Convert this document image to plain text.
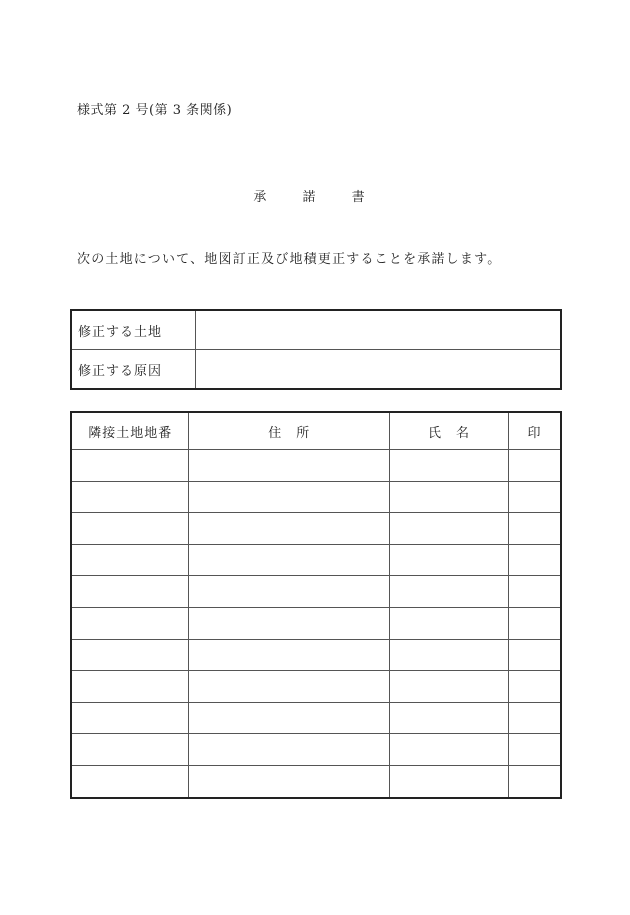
様式第 2 号(第 3 条関係)
承 諾 書
次の土地について、地図訂正及び地積更正することを承諾します。
修正する土地	
修正する原因	
隣接土地地番	住　所	氏　名	印
